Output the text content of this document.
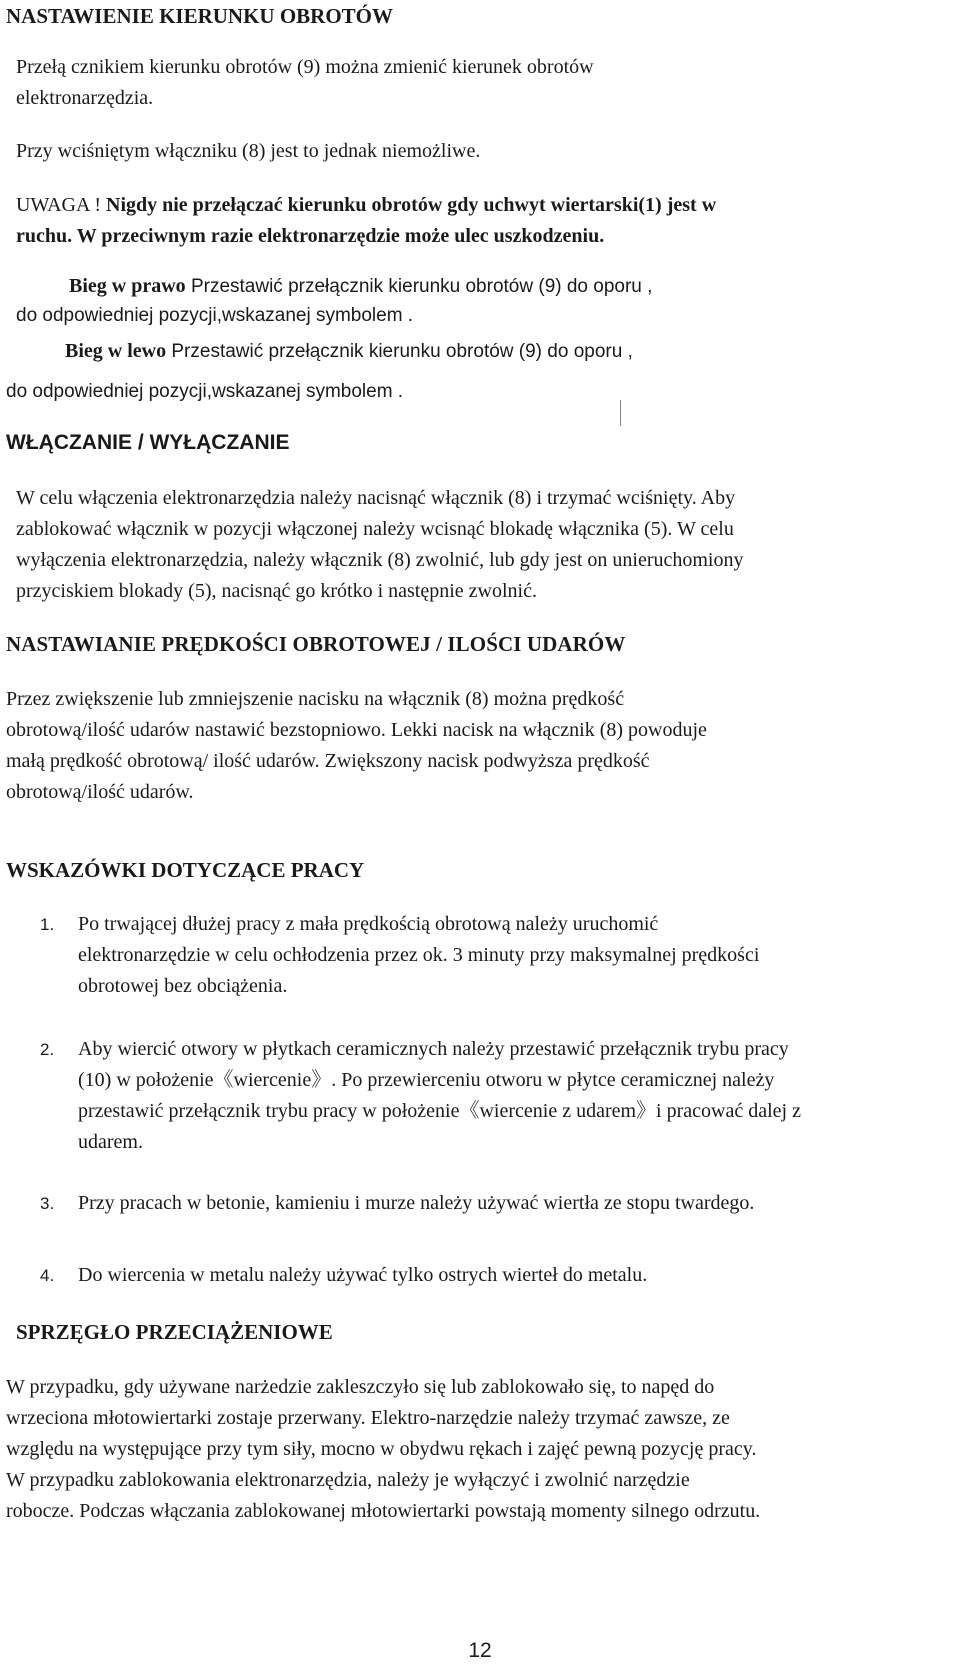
NASTAWIENIE KIERUNKU OBROTÓW
Przełą cznikiem kierunku obrotów (9) można zmienić kierunek obrotów
elektronarzędzia.
Przy wciśniętym włączniku (8) jest to jednak niemożliwe.
UWAGA ! Nigdy nie przełączać kierunku obrotów gdy uchwyt wiertarski(1) jest w
ruchu. W przeciwnym razie elektronarzędzie może ulec uszkodzeniu.
Bieg w prawo Przestawić przełącznik kierunku obrotów (9) do oporu ,
do odpowiedniej pozycji,wskazanej symbolem .
Bieg w lewo Przestawić przełącznik kierunku obrotów (9) do oporu ,
do odpowiedniej pozycji,wskazanej symbolem .
WŁĄCZANIE / WYŁĄCZANIE
W celu włączenia elektronarzędzia należy nacisnąć włącznik (8) i trzymać wciśnięty. Aby
zablokować włącznik w pozycji włączonej należy wcisnąć blokadę włącznika (5). W celu
wyłączenia elektronarzędzia, należy włącznik (8) zwolnić, lub gdy jest on unieruchomiony
przyciskiem blokady (5), nacisnąć go krótko i następnie zwolnić.
NASTAWIANIE PRĘDKOŚCI OBROTOWEJ / ILOŚCI UDARÓW
Przez zwiększenie lub zmniejszenie nacisku na włącznik (8) można prędkość
obrotową/ilość udarów nastawić bezstopniowo. Lekki nacisk na włącznik (8) powoduje
małą prędkość obrotową/ ilość udarów. Zwiększony nacisk podwyższa prędkość
obrotową/ilość udarów.
WSKAZÓWKI DOTYCZĄCE PRACY
1. Po trwającej dłużej pracy z mała prędkością obrotową należy uruchomić
elektronarzędzie w celu ochłodzenia przez ok. 3 minuty przy maksymalnej prędkości
obrotowej bez obciążenia.
2. Aby wiercić otwory w płytkach ceramicznych należy przestawić przełącznik trybu pracy
(10) w położenie《wiercenie》. Po przewierceniu otworu w płytce ceramicznej należy
przestawić przełącznik trybu pracy w położenie《wiercenie z udarem》i pracować dalej z
udarem.
3. Przy pracach w betonie, kamieniu i murze należy używać wiertła ze stopu twardego.
4. Do wiercenia w metalu należy używać tylko ostrych wierteł do metalu.
SPRZĘGŁO PRZECIĄŻENIOWE
W przypadku, gdy używane narżedzie zakleszczyło się lub zablokowało się, to napęd do
wrzeciona młotowiertarki zostaje przerwany. Elektro-narzędzie należy trzymać zawsze, ze
względu na występujące przy tym siły, mocno w obydwu rękach i zajęć pewną pozycję pracy.
W przypadku zablokowania elektronarzędzia, należy je wyłączyć i zwolnić narzędzie
robocze. Podczas włączania zablokowanej młotowiertarki powstają momenty silnego odrzutu.
12
